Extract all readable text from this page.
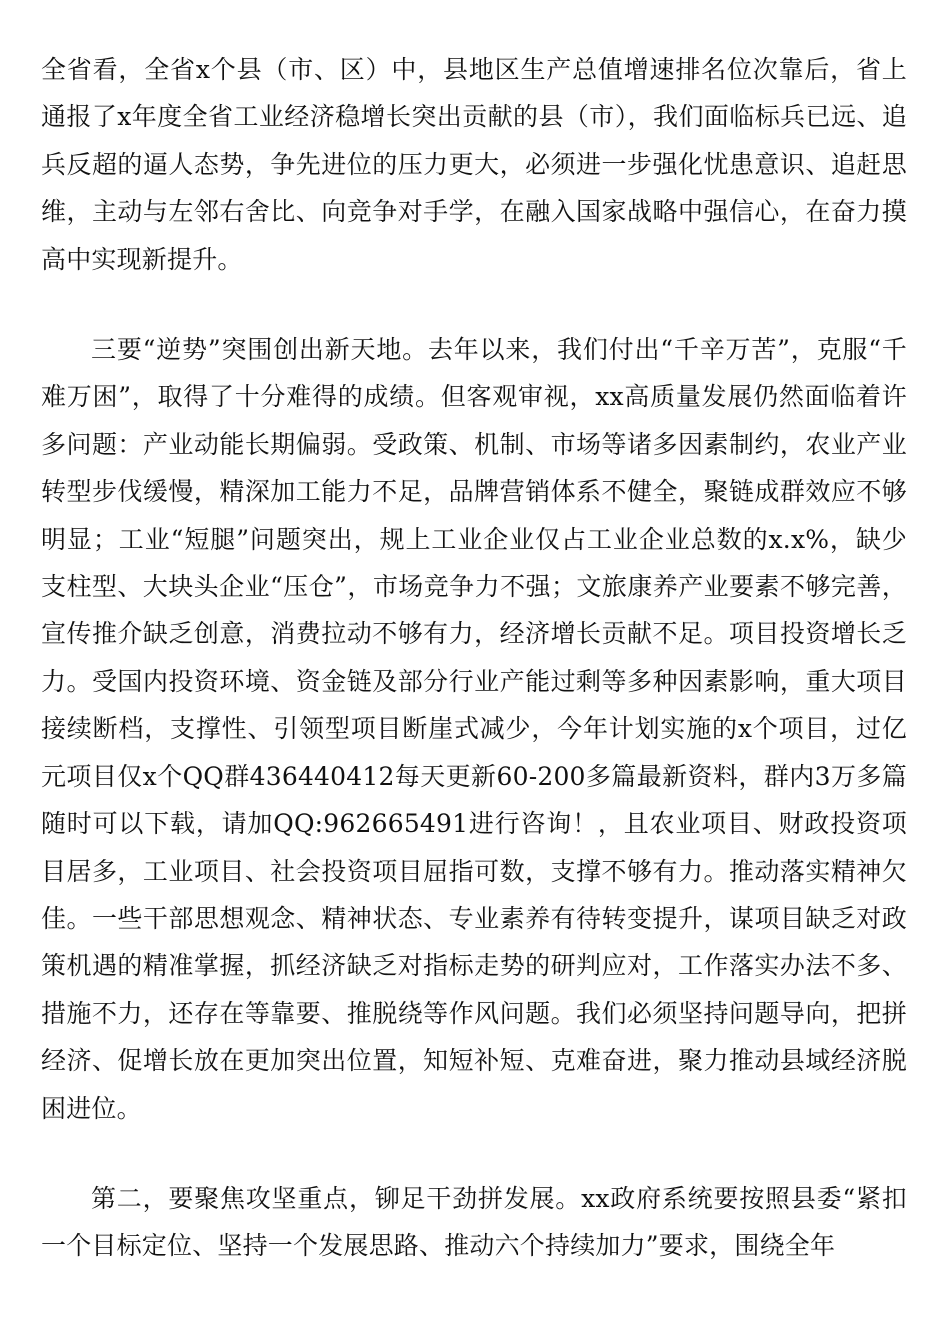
全省看，全省x个县（市、区）中，县地区生产总值增速排名位次靠后，省上通报了x年度全省工业经济稳增长突出贡献的县（市），我们面临标兵已远、追兵反超的逼人态势，争先进位的压力更大，必须进一步强化忧患意识、追赶思维，主动与左邻右舍比、向竞争对手学，在融入国家战略中强信心，在奋力摸高中实现新提升。

三要“逆势”突围创出新天地。去年以来，我们付出“千辛万苦”，克服“千难万困”，取得了十分难得的成绩。但客观审视，xx高质量发展仍然面临着许多问题：产业动能长期偏弱。受政策、机制、市场等诸多因素制约，农业产业转型步伐缓慢，精深加工能力不足，品牌营销体系不健全，聚链成群效应不够明显；工业“短腿”问题突出，规上工业企业仅占工业企业总数的x.x%，缺少支柱型、大块头企业“压仓”，市场竞争力不强；文旅康养产业要素不够完善，宣传推介缺乏创意，消费拉动不够有力，经济增长贡献不足。项目投资增长乏力。受国内投资环境、资金链及部分行业产能过剩等多种因素影响，重大项目接续断档，支撑性、引领型项目断崖式减少，今年计划实施的x个项目，过亿元项目仅x个QQ群436440412每天更新60-200多篇最新资料，群内3万多篇随时可以下载，请加QQ:962665491进行咨询！，且农业项目、财政投资项目居多，工业项目、社会投资项目屈指可数，支撑不够有力。推动落实精神欠佳。一些干部思想观念、精神状态、专业素养有待转变提升，谋项目缺乏对政策机遇的精准掌握，抓经济缺乏对指标走势的研判应对，工作落实办法不多、措施不力，还存在等靠要、推脱绕等作风问题。我们必须坚持问题导向，把拼经济、促增长放在更加突出位置，知短补短、克难奋进，聚力推动县域经济脱困进位。

第二，要聚焦攻坚重点，铆足干劲拼发展。xx政府系统要按照县委“紧扣一个目标定位、坚持一个发展思路、推动六个持续加力”要求，围绕全年
